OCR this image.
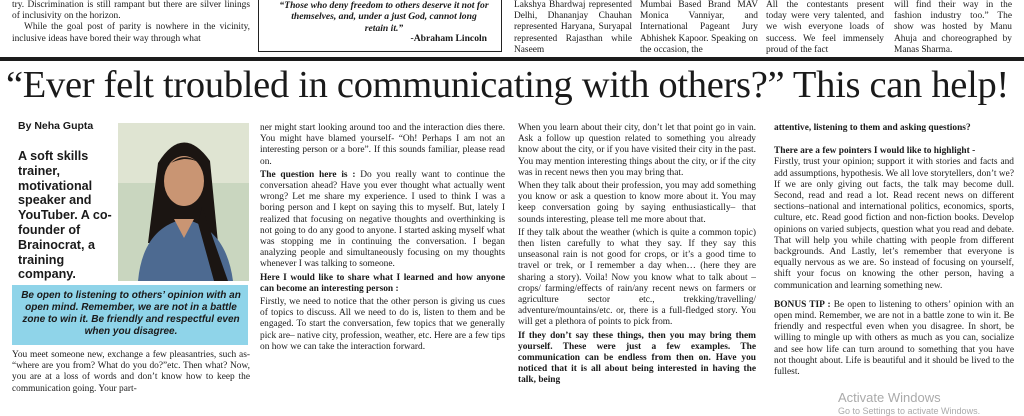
try. Discrimination is still rampant but there are silver linings of inclusivity on the horizon.

While the goal post of parity is nowhere in the vicinity, inclusive ideas have bored their way through what

“Those who deny freedom to others deserve it not for themselves, and, under a just God, cannot long retain it.”
-Abraham Lincoln
Lakshya Bhardwaj represented Delhi, Dhananjay Chauhan represented Haryana, Suryapal represented Rajasthan while Naseem
Mumbai Based Brand MAV Monica Vanniyar, and International Pageant Jury Abhishek Kapoor. Speaking on the occasion, the
All the contestants present today were very talented, and we wish everyone loads of success. We feel immensely proud of the fact
will find their way in the fashion industry too.” The show was hosted by Manu Ahuja and choreographed by Manas Sharma.
“Ever felt troubled in communicating with others?” This can help!
By Neha Gupta
A soft skills trainer, motivational speaker and YouTuber. A co-founder of Brainocrat, a training company.
Be open to listening to others’ opinion with an open mind. Remember, we are not in a battle zone to win it. Be friendly and respectful even when you disagree.
You meet someone new, exchange a few pleasantries, such as- “where are you from? What do you do?”etc. Then what? Now, you are at a loss of words and don’t know how to keep the communication going. Your part-

ner might start looking around too and the interaction dies there. You might have blamed yourself- “Oh! Perhaps I am not an interesting person or a bore”. If this sounds familiar, please read on.

The question here is : Do you really want to continue the conversation ahead? Have you ever thought what actually went wrong? Let me share my experience. I used to think I was a boring person and I kept on saying this to myself. But, lately I realized that focusing on negative thoughts and overthinking is not going to do any good to anyone. I started asking myself what was stopping me in continuing the conversation. I began analyzing people and simultaneously focusing on my thoughts whenever I was talking to someone.

Here I would like to share what I learned and how anyone can become an interesting person :

Firstly, we need to notice that the other person is giving us cues of topics to discuss. All we need to do is, listen to them and be engaged. To start the conversation, few topics that we generally pick are– native city, profession, weather, etc. Here are a few tips on how we can take the interaction forward.

When you learn about their city, don’t let that point go in vain. Ask a follow up question related to something you already know about the city, or if you have visited their city in the past. You may mention interesting things about the city, or if the city was in recent news then you may bring that.

When they talk about their profession, you may add something you know or ask a question to know more about it. You may keep conversation going by saying enthusiastically– that sounds interesting, please tell me more about that.

If they talk about the weather (which is quite a common topic) then listen carefully to what they say. If they say this unseasonal rain is not good for crops, or it’s a good time to travel or trek, or I remember a day when… (here they are sharing a story). Voila! Now you know what to talk about – crops/ farming/effects of rain/any recent news on farmers or agriculture sector etc., trekking/travelling/ adventure/mountains/etc. or, there is a full-fledged story. You will get a plethora of points to pick from.

If they don’t say these things, then you may bring them yourself. These were just a few examples. The communication can be endless from then on. Have you noticed that it is all about being interested in having the talk, being

attentive, listening to them and asking questions?

There are a few pointers I would like to highlight -

Firstly, trust your opinion; support it with stories and facts and add assumptions, hypothesis. We all love storytellers, don’t we? If we are only giving out facts, the talk may become dull. Second, read and read a lot. Read recent news on different sections–national and international politics, economics, sports, culture, etc. Read good fiction and non-fiction books. Develop opinions on varied subjects, question what you read and debate. That will help you while chatting with people from different backgrounds. And Lastly, let’s remember that everyone is equally nervous as we are. So instead of focusing on yourself, shift your focus on knowing the other person, having a communication and learning something new.

BONUS TIP : Be open to listening to others’ opinion with an open mind. Remember, we are not in a battle zone to win it. Be friendly and respectful even when you disagree. In short, be willing to mingle up with others as much as you can, socialize and see how life can turn around to something that you have not thought about. Life is beautiful and it should be lived to the fullest.

Activate Windows
Go to Settings to activate Windows.
